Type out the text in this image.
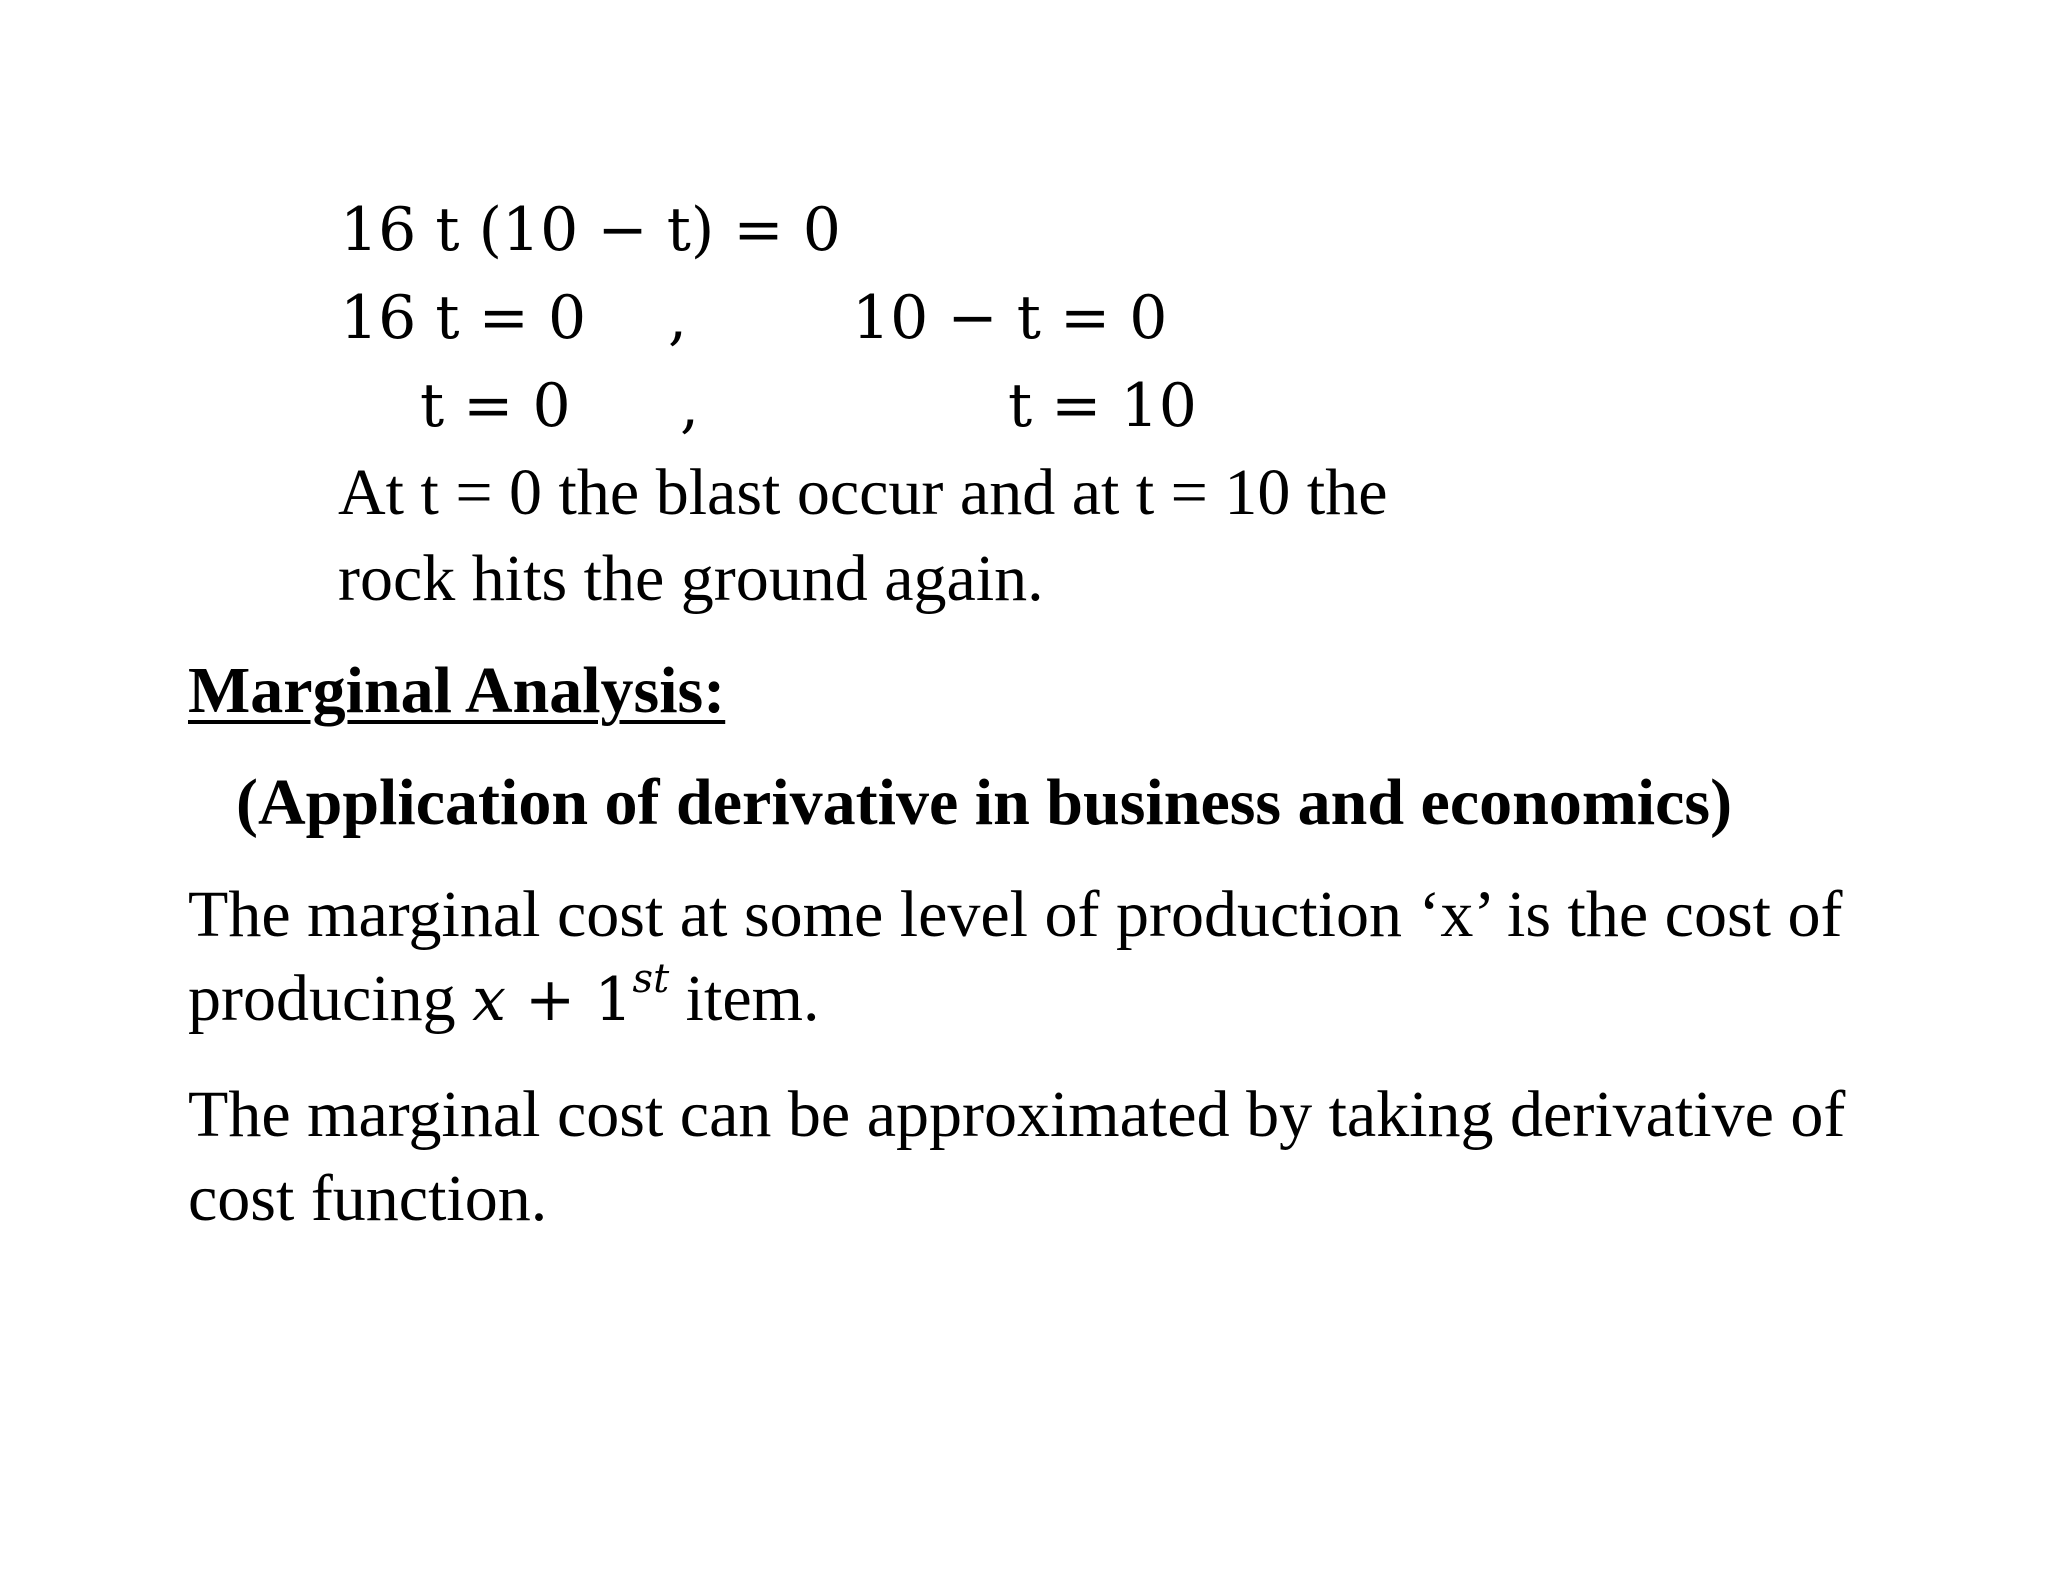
16 t (10 − t) = 0
16 t = 0 ,	10 − t = 0
t = 0 ,	t = 10
At t = 0 the blast occur and at t = 10 the
rock hits the ground again.
Marginal Analysis:
(Application of derivative in business and economics)
The marginal cost at some level of production ‘x’ is the cost of
producing x + 1st item.
The marginal cost can be approximated by taking derivative of
cost function.
